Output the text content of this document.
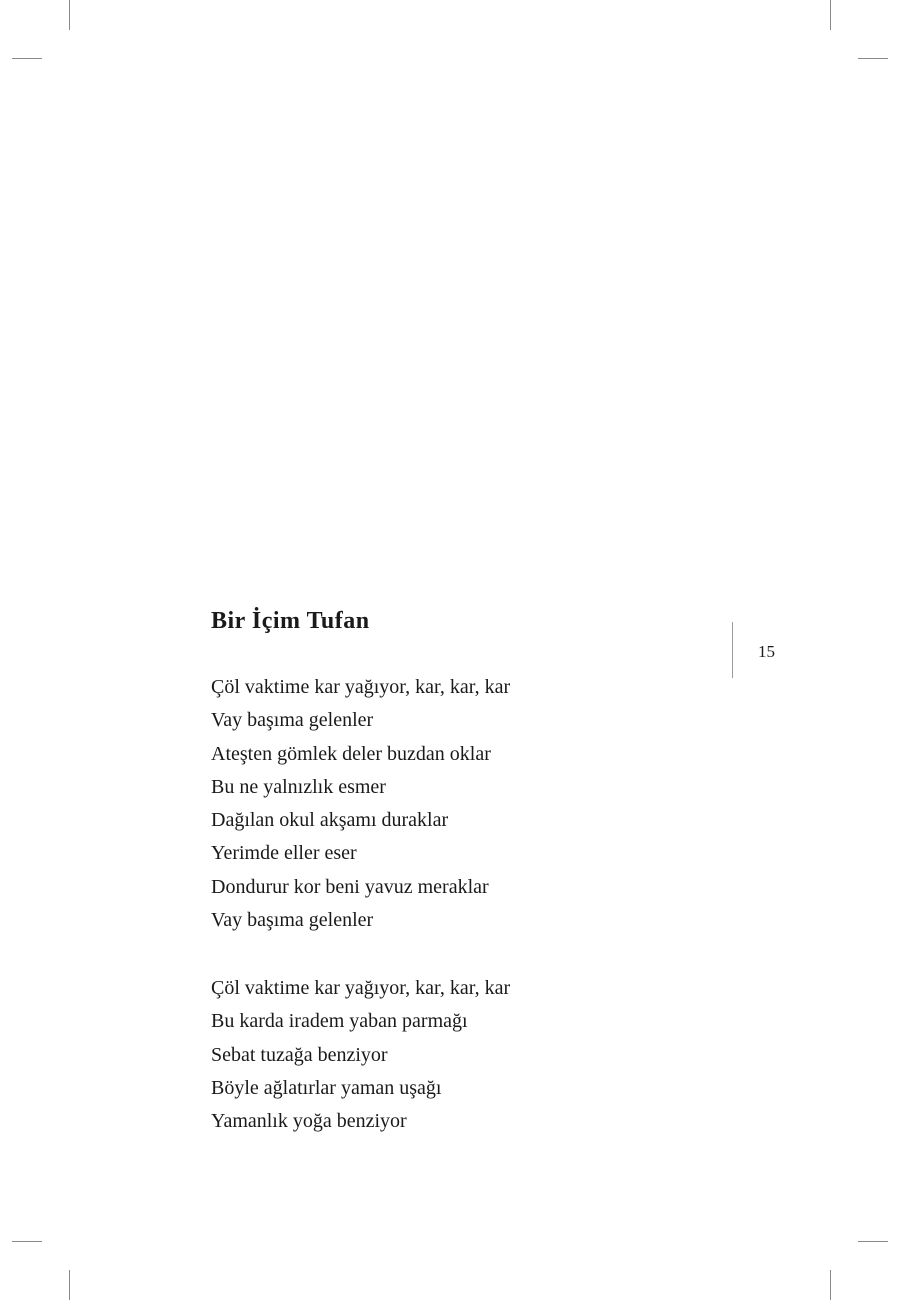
Bir İçim Tufan
15
Çöl vaktime kar yağıyor, kar, kar, kar
Vay başıma gelenler
Ateşten gömlek deler buzdan oklar
Bu ne yalnızlık esmer
Dağılan okul akşamı duraklar
Yerimde eller eser
Dondurur kor beni yavuz meraklar
Vay başıma gelenler
Çöl vaktime kar yağıyor, kar, kar, kar
Bu karda iradem yaban parmağı
Sebat tuzağa benziyor
Böyle ağlatırlar yaman uşağı
Yamanlık yoğa benziyor
